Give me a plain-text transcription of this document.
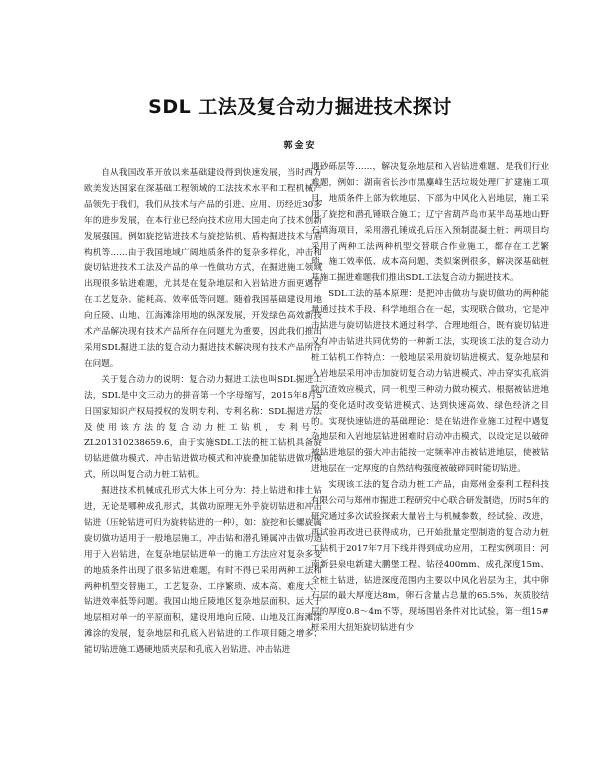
SDL 工法及复合动力掘进技术探讨
郭金安

自从我国改革开放以来基础建设得到快速发展，当时西方欧美发达国家在深基础工程领域的工法技术水平和工程机械产品领先于我们，我们从技术与产品的引进、应用、历经近30多年的进步发展，在本行业已经向技术应用大国走向了技术创新发展强国。例如旋挖钻进技术与旋挖钻机、盾构掘进技术与盾构机等……由于我国地域广阔地质条件的复杂多样化，冲击和旋切钻进技术工法及产品的单一性做功方式，在掘进施工领域出现很多钻进难题，尤其是在复杂地层和入岩钻进方面更遇存在工艺复杂、能耗高、效率低等问题。随着我国基础建设用地向丘陵、山地、江海滩涂用地的纵深发展，开发绿色高效新技术产品解决现有技术产品所存在问题尤为重要，因此我们推出采用SDL掘进工法的复合动力掘进技术解决现有技术产品所存在问题。

关于复合动力的说明：复合动力掘进工法也叫SDL掘进工法，SDL是中文三动力的拼音第一个字母缩写，2015年8月5日国家知识产权局授权的发明专利、专利名称：SDL掘进方法及使用该方法的复合动力桩工钻机，专利号：ZL201310238659.6，由于实施SDL工法的桩工钻机具备旋切钻进做功模式、冲击钻进做功模式和冲旋叠加能钻进做功模式，所以叫复合动力桩工钻机。

掘进技术机械成孔形式大体上可分为：持上钻进和排土钻进，无论是哪种成孔形式，其做功原理无外乎旋切钻进和冲击钻进（压轮钻进可归为旋转钻进的一种），如：旋挖和长螺旋属旋切做功适用于一般地层施工，冲击钻和潜孔锤属冲击做功适用于入岩钻进，在复杂地层钻进单一的施工方法应对复杂多变的地质条件出现了很多钻进难题，有时不得已采用两种工法和两种机型交替施工，工艺复杂、工序繁琐、成本高、难度大、钻进效率低等问题。我国山地丘陵地区复杂地层面积、远大于地层相对单一的平原面积，建设用地向丘陵、山地及江海滩涂滩涂的发展，复杂地层和孔底入岩钻进的工作项目随之增多；能切钻进施工遇硬地质夹层和孔底入岩钻进、冲击钻进

遇砂砾层等……，解决复杂地层和入岩钻进难题、是我们行业难题，例如：湖南省长沙市黑麋峰生活垃圾处理厂扩建施工项目，地质条件上部为软地层、下部为中风化入岩地层，施工采用了旋挖和潜孔锤联合施工；辽宁省葫芦岛市某半岛基地山野石填海项目，采用潜孔锤成孔后压入预制混凝土桩；两项目均采用了两种工法两种机型交替联合作业施工，都存在工艺繁琐、施工效率低、成本高问题，类似案例很多，解决深基础桩基施工掘进难题我们推出SDL工法复合动力掘进技术。

SDL工法的基本原理：是把冲击做功与旋切做功的两种能量通过技术手段、科学地组合在一起，实现联合做功，它是冲击钻进与旋切钻进技术通过科学、合理地组合，既有旋切钻进又有冲击钻进共同优势的一种新工法，实现该工法的复合动力桩工钻机工作特点：一般地层采用旋切钻进模式、复杂地层和入岩地层采用冲击加旋切复合动力钻进模式、冲击穿实孔底消除沉渣效应模式，同一机型三种动力做功模式、根据被钻进地层的变化适时改变钻进模式、达到快速高效、绿色经济之目的。实现快速钻进的基础理论：是在钻进作业施工过程中遇复杂地层和入岩地层钻进困难时启动冲击模式，以设定足以破碎被钻进地层的强大冲击能按一定频率冲击被钻进地层，使被钻进地层在一定厚度的自然结构强度被破碎同时能切钻进。

实现该工法的复合动力桩工产品，由郑州金泰利工程科技有限公司与郑州市掘进工程研究中心联合研发制造，历时5年的研究通过多次试验探索大量岩土与机械参数，经试验、改进，再试验再改进已获得成功，已开始批量定型制造的复合动力桩工钻机于2017年7月下线并得到成功应用，工程实例项目：河南新县泉电新建大鹏堡工程、钻径400mm、成孔深度15m、全桩土钻进，钻进深度范围内主要以中风化岩层为主，其中卵石层的最大厚度达8m，卵石含量占总量的65.5%、灰质胶结层的厚度0.8～4m不等，现场围岩条件对比试验，第一组15#桩采用大扭矩旋切钻进有少
